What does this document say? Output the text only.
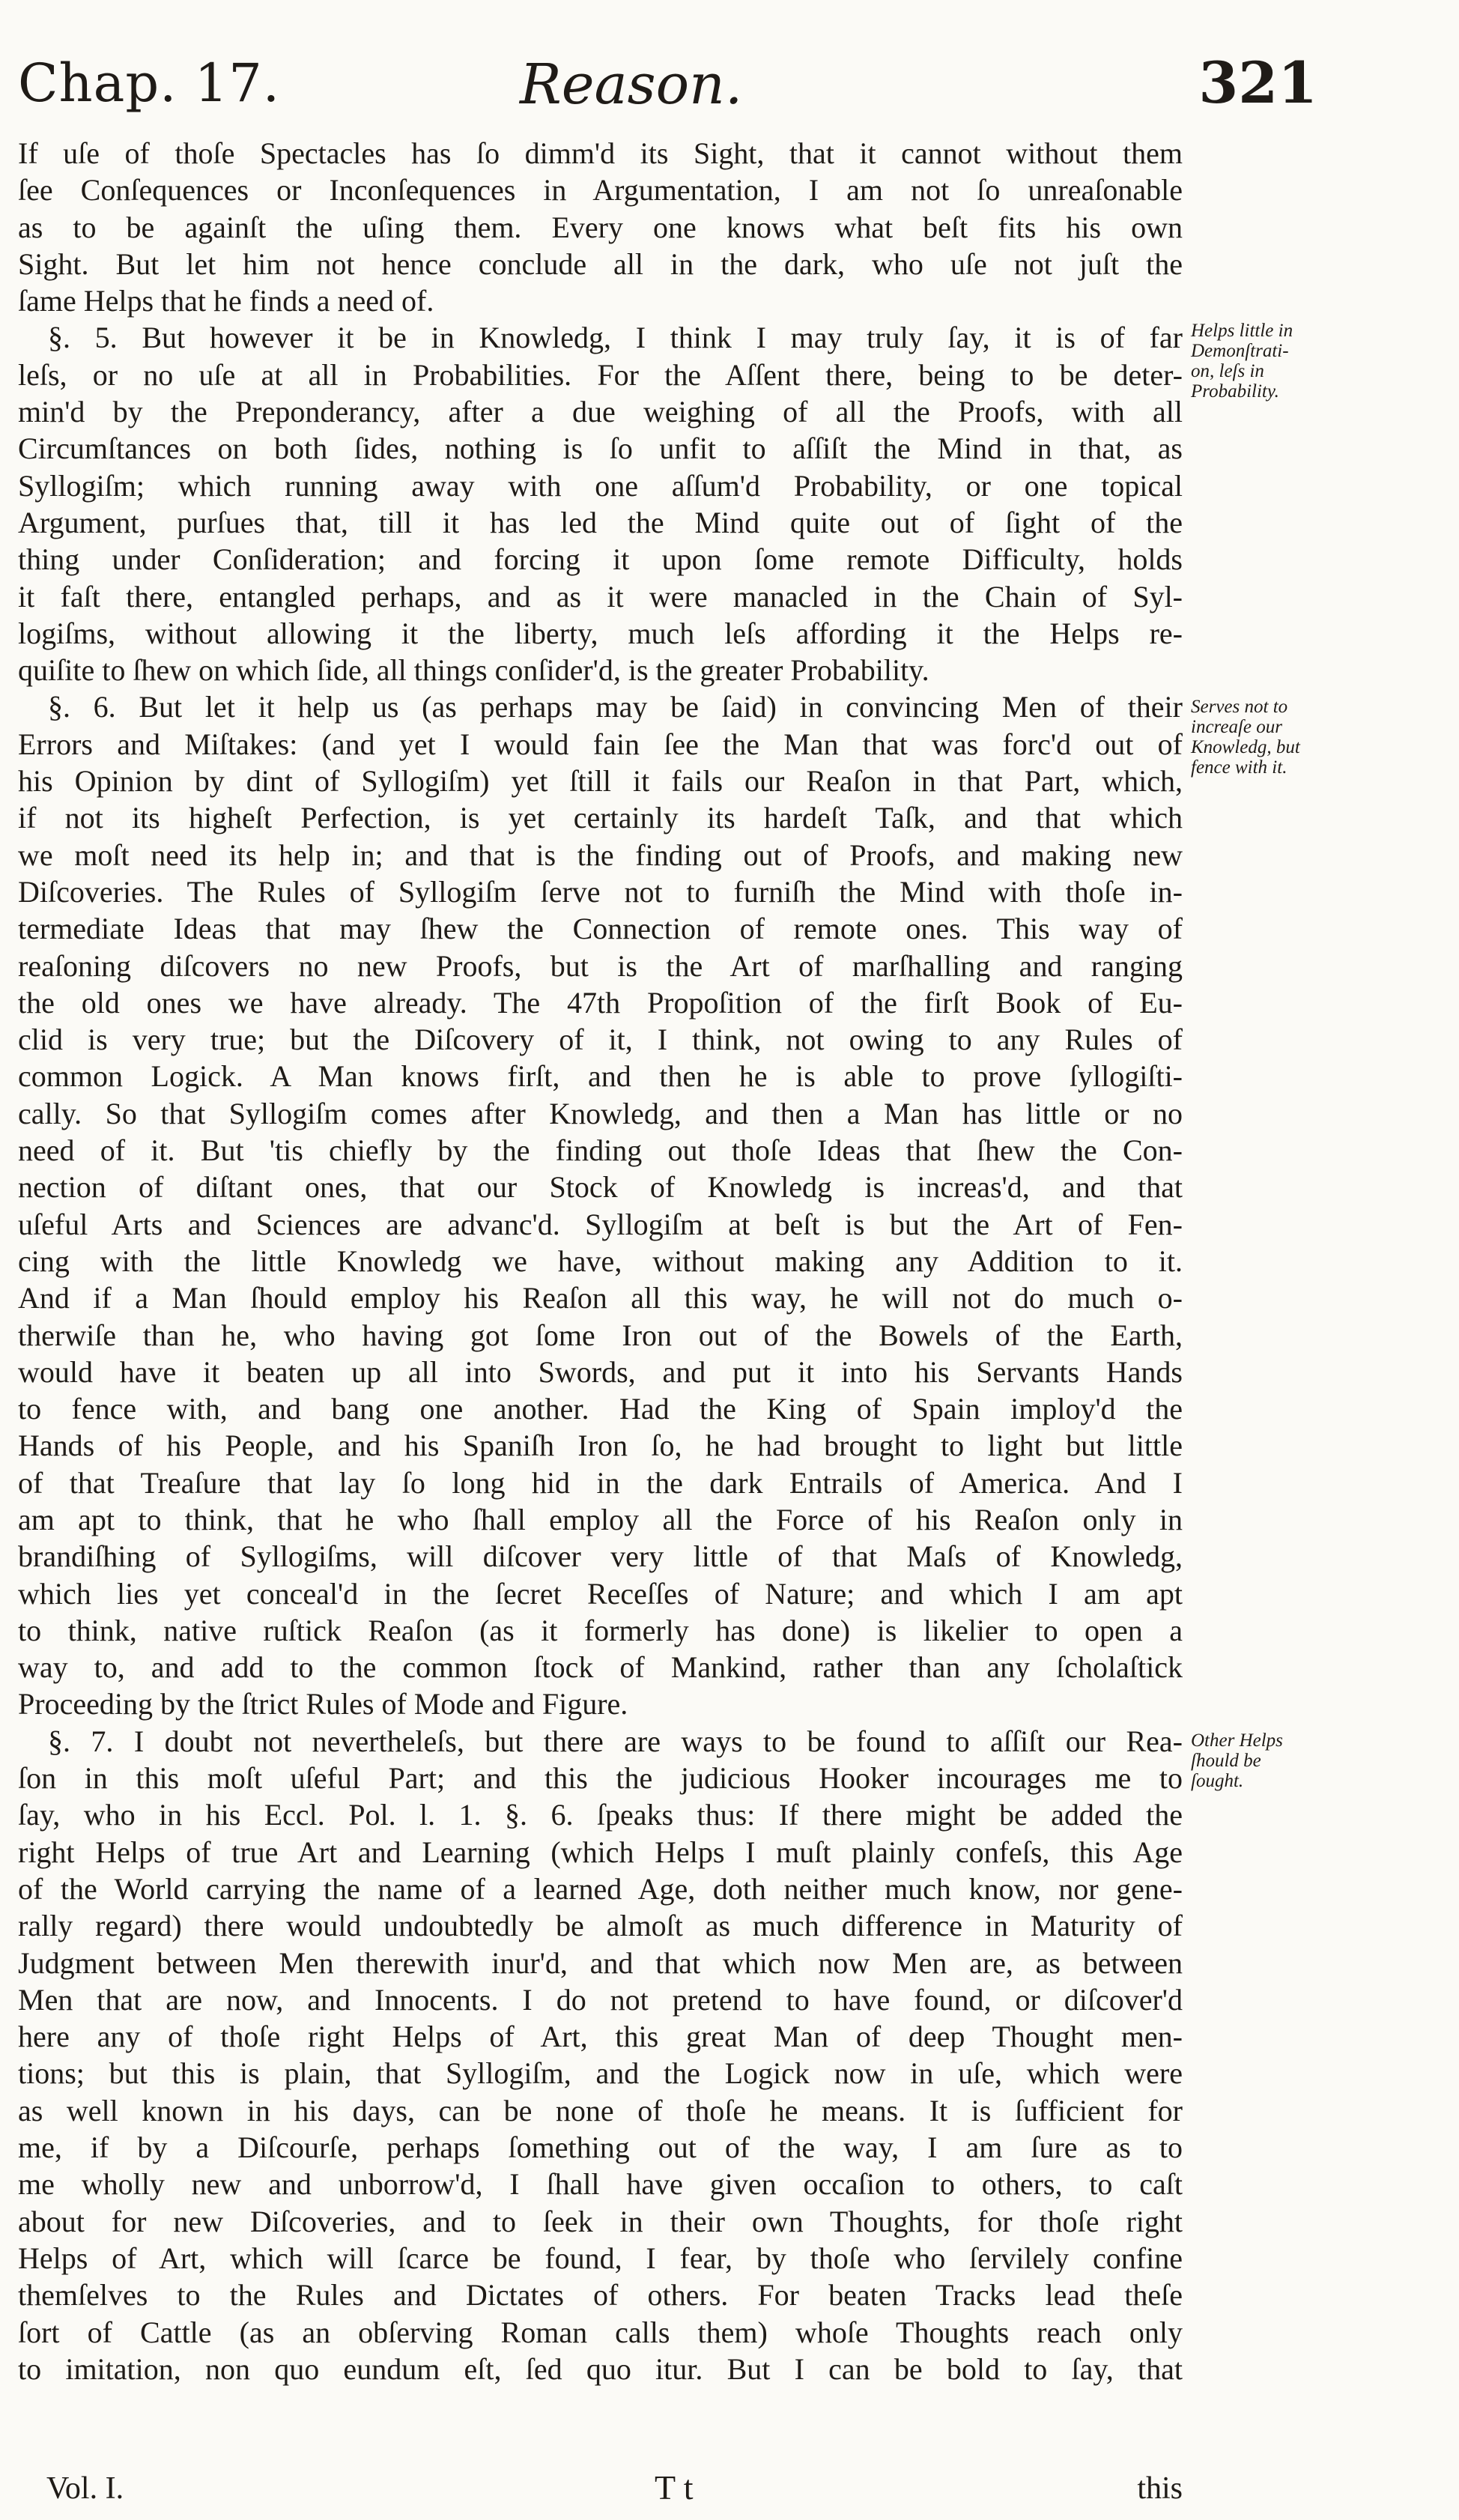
Chap. 17.	Reason.	321
If uſe of thoſe Spectacles has ſo dimm'd its Sight, that it cannot without them
ſee Conſequences or Inconſequences in Argumentation, I am not ſo unreaſonable
as to be againſt the uſing them. Every one knows what beſt fits his own
Sight. But let him not hence conclude all in the dark, who uſe not juſt the
ſame Helps that he finds a need of.
§. 5. But however it be in Knowledg, I think I may truly ſay, it is of far
leſs, or no uſe at all in Probabilities. For the Aſſent there, being to be deter-
min'd by the Preponderancy, after a due weighing of all the Proofs, with all
Circumſtances on both ſides, nothing is ſo unfit to aſſiſt the Mind in that, as
Syllogiſm; which running away with one aſſum'd Probability, or one topical
Argument, purſues that, till it has led the Mind quite out of ſight of the
thing under Conſideration; and forcing it upon ſome remote Difficulty, holds
it faſt there, entangled perhaps, and as it were manacled in the Chain of Syl-
logiſms, without allowing it the liberty, much leſs affording it the Helps re-
quiſite to ſhew on which ſide, all things conſider'd, is the greater Probability.
§. 6. But let it help us (as perhaps may be ſaid) in convincing Men of their
Errors and Miſtakes: (and yet I would fain ſee the Man that was forc'd out of
his Opinion by dint of Syllogiſm) yet ſtill it fails our Reaſon in that Part, which,
if not its higheſt Perfection, is yet certainly its hardeſt Taſk, and that which
we moſt need its help in; and that is the finding out of Proofs, and making new
Diſcoveries. The Rules of Syllogiſm ſerve not to furniſh the Mind with thoſe in-
termediate Ideas that may ſhew the Connection of remote ones. This way of
reaſoning diſcovers no new Proofs, but is the Art of marſhalling and ranging
the old ones we have already. The 47th Propoſition of the firſt Book of Eu-
clid is very true; but the Diſcovery of it, I think, not owing to any Rules of
common Logick. A Man knows firſt, and then he is able to prove ſyllogiſti-
cally. So that Syllogiſm comes after Knowledg, and then a Man has little or no
need of it. But 'tis chiefly by the finding out thoſe Ideas that ſhew the Con-
nection of diſtant ones, that our Stock of Knowledg is increas'd, and that
uſeful Arts and Sciences are advanc'd. Syllogiſm at beſt is but the Art of Fen-
cing with the little Knowledg we have, without making any Addition to it.
And if a Man ſhould employ his Reaſon all this way, he will not do much o-
therwiſe than he, who having got ſome Iron out of the Bowels of the Earth,
would have it beaten up all into Swords, and put it into his Servants Hands
to fence with, and bang one another. Had the King of Spain imploy'd the
Hands of his People, and his Spaniſh Iron ſo, he had brought to light but little
of that Treaſure that lay ſo long hid in the dark Entrails of America. And I
am apt to think, that he who ſhall employ all the Force of his Reaſon only in
brandiſhing of Syllogiſms, will diſcover very little of that Maſs of Knowledg,
which lies yet conceal'd in the ſecret Receſſes of Nature; and which I am apt
to think, native ruſtick Reaſon (as it formerly has done) is likelier to open a
way to, and add to the common ſtock of Mankind, rather than any ſcholaſtick
Proceeding by the ſtrict Rules of Mode and Figure.
§. 7. I doubt not nevertheleſs, but there are ways to be found to aſſiſt our Rea-
ſon in this moſt uſeful Part; and this the judicious Hooker incourages me to
ſay, who in his Eccl. Pol. l. 1. §. 6. ſpeaks thus: If there might be added the
right Helps of true Art and Learning (which Helps I muſt plainly confeſs, this Age
of the World carrying the name of a learned Age, doth neither much know, nor gene-
rally regard) there would undoubtedly be almoſt as much difference in Maturity of
Judgment between Men therewith inur'd, and that which now Men are, as between
Men that are now, and Innocents. I do not pretend to have found, or diſcover'd
here any of thoſe right Helps of Art, this great Man of deep Thought men-
tions; but this is plain, that Syllogiſm, and the Logick now in uſe, which were
as well known in his days, can be none of thoſe he means. It is ſufficient for
me, if by a Diſcourſe, perhaps ſomething out of the way, I am ſure as to
me wholly new and unborrow'd, I ſhall have given occaſion to others, to caſt
about for new Diſcoveries, and to ſeek in their own Thoughts, for thoſe right
Helps of Art, which will ſcarce be found, I fear, by thoſe who ſervilely confine
themſelves to the Rules and Dictates of others. For beaten Tracks lead theſe
ſort of Cattle (as an obſerving Roman calls them) whoſe Thoughts reach only
to imitation, non quo eundum eſt, ſed quo itur. But I can be bold to ſay, that
Helps little in
Demonſtrati-
on, leſs in
Probability.
Serves not to
increaſe our
Knowledg, but
fence with it.
Other Helps
ſhould be
ſought.
Vol. I.	T t	this
